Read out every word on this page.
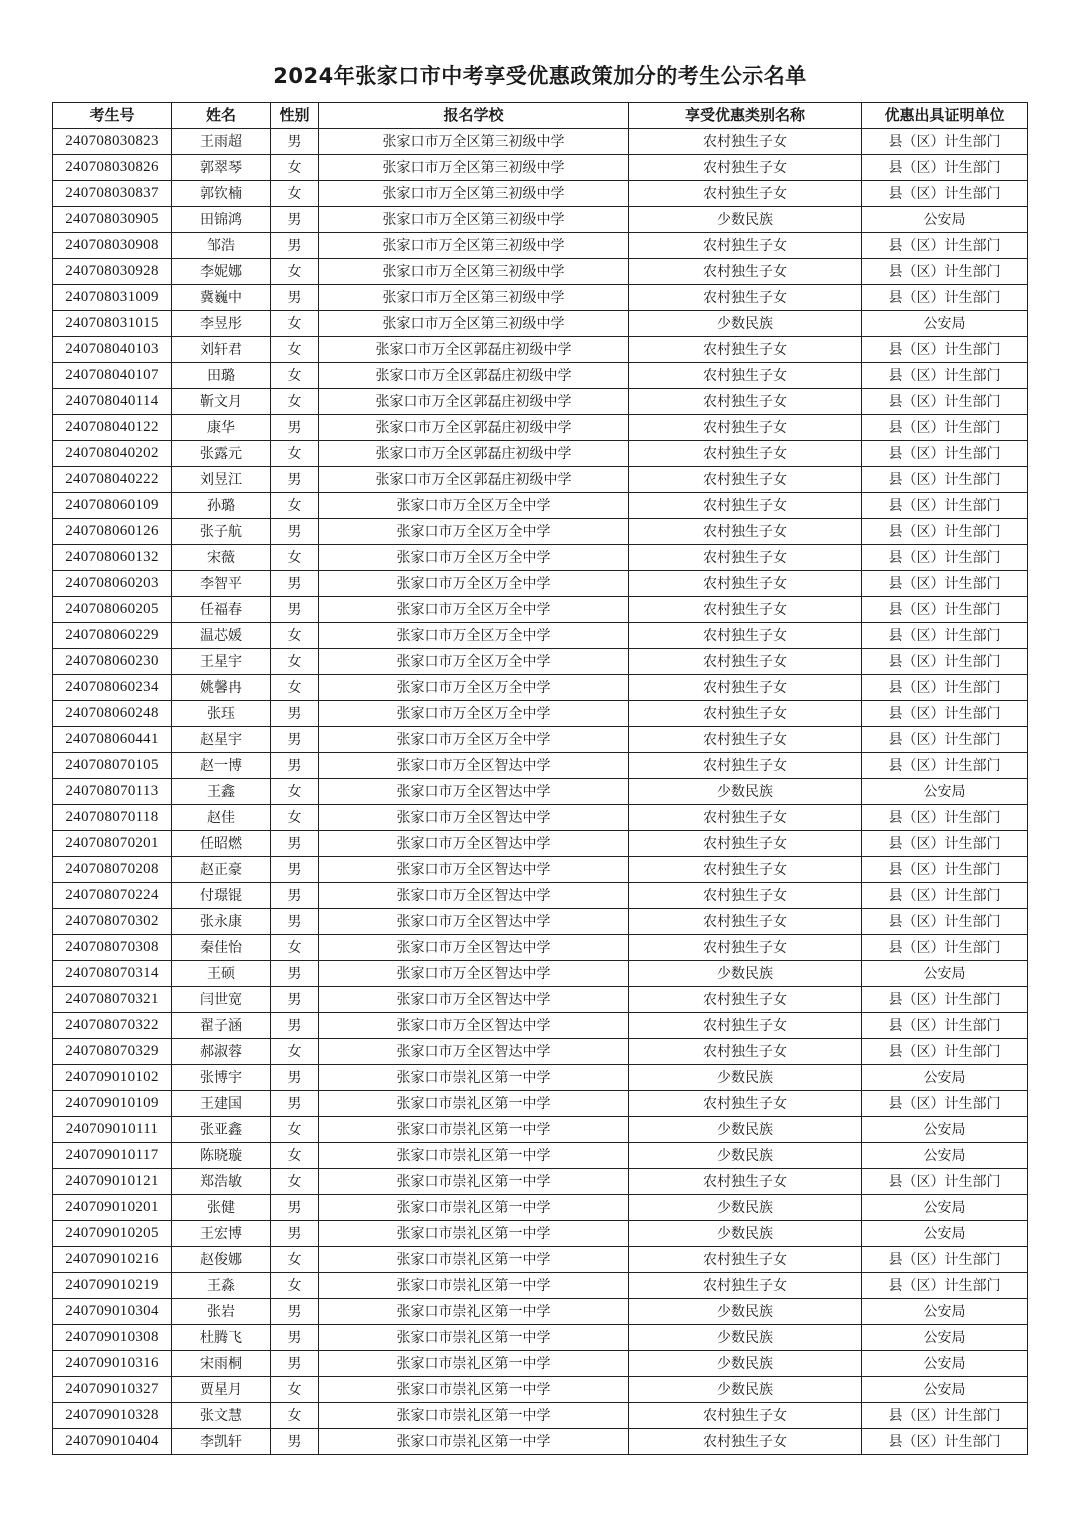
2024年张家口市中考享受优惠政策加分的考生公示名单
考生号	姓名	性别	报名学校	享受优惠类别名称	优惠出具证明单位
240708030823	王雨超	男	张家口市万全区第三初级中学	农村独生子女	县（区）计生部门
240708030826	郭翠琴	女	张家口市万全区第三初级中学	农村独生子女	县（区）计生部门
240708030837	郭钦楠	女	张家口市万全区第三初级中学	农村独生子女	县（区）计生部门
240708030905	田锦鸿	男	张家口市万全区第三初级中学	少数民族	公安局
240708030908	邹浩	男	张家口市万全区第三初级中学	农村独生子女	县（区）计生部门
240708030928	李妮娜	女	张家口市万全区第三初级中学	农村独生子女	县（区）计生部门
240708031009	冀巍中	男	张家口市万全区第三初级中学	农村独生子女	县（区）计生部门
240708031015	李昱彤	女	张家口市万全区第三初级中学	少数民族	公安局
240708040103	刘轩君	女	张家口市万全区郭磊庄初级中学	农村独生子女	县（区）计生部门
240708040107	田璐	女	张家口市万全区郭磊庄初级中学	农村独生子女	县（区）计生部门
240708040114	靳文月	女	张家口市万全区郭磊庄初级中学	农村独生子女	县（区）计生部门
240708040122	康华	男	张家口市万全区郭磊庄初级中学	农村独生子女	县（区）计生部门
240708040202	张露元	女	张家口市万全区郭磊庄初级中学	农村独生子女	县（区）计生部门
240708040222	刘昱江	男	张家口市万全区郭磊庄初级中学	农村独生子女	县（区）计生部门
240708060109	孙璐	女	张家口市万全区万全中学	农村独生子女	县（区）计生部门
240708060126	张子航	男	张家口市万全区万全中学	农村独生子女	县（区）计生部门
240708060132	宋薇	女	张家口市万全区万全中学	农村独生子女	县（区）计生部门
240708060203	李智平	男	张家口市万全区万全中学	农村独生子女	县（区）计生部门
240708060205	任福春	男	张家口市万全区万全中学	农村独生子女	县（区）计生部门
240708060229	温芯媛	女	张家口市万全区万全中学	农村独生子女	县（区）计生部门
240708060230	王星宇	女	张家口市万全区万全中学	农村独生子女	县（区）计生部门
240708060234	姚馨冉	女	张家口市万全区万全中学	农村独生子女	县（区）计生部门
240708060248	张珏	男	张家口市万全区万全中学	农村独生子女	县（区）计生部门
240708060441	赵星宇	男	张家口市万全区万全中学	农村独生子女	县（区）计生部门
240708070105	赵一博	男	张家口市万全区智达中学	农村独生子女	县（区）计生部门
240708070113	王鑫	女	张家口市万全区智达中学	少数民族	公安局
240708070118	赵佳	女	张家口市万全区智达中学	农村独生子女	县（区）计生部门
240708070201	任昭燃	男	张家口市万全区智达中学	农村独生子女	县（区）计生部门
240708070208	赵正豪	男	张家口市万全区智达中学	农村独生子女	县（区）计生部门
240708070224	付璟锟	男	张家口市万全区智达中学	农村独生子女	县（区）计生部门
240708070302	张永康	男	张家口市万全区智达中学	农村独生子女	县（区）计生部门
240708070308	秦佳怡	女	张家口市万全区智达中学	农村独生子女	县（区）计生部门
240708070314	王硕	男	张家口市万全区智达中学	少数民族	公安局
240708070321	闫世宽	男	张家口市万全区智达中学	农村独生子女	县（区）计生部门
240708070322	翟子涵	男	张家口市万全区智达中学	农村独生子女	县（区）计生部门
240708070329	郝淑蓉	女	张家口市万全区智达中学	农村独生子女	县（区）计生部门
240709010102	张博宇	男	张家口市崇礼区第一中学	少数民族	公安局
240709010109	王建国	男	张家口市崇礼区第一中学	农村独生子女	县（区）计生部门
240709010111	张亚鑫	女	张家口市崇礼区第一中学	少数民族	公安局
240709010117	陈晓璇	女	张家口市崇礼区第一中学	少数民族	公安局
240709010121	郑浩敏	女	张家口市崇礼区第一中学	农村独生子女	县（区）计生部门
240709010201	张健	男	张家口市崇礼区第一中学	少数民族	公安局
240709010205	王宏博	男	张家口市崇礼区第一中学	少数民族	公安局
240709010216	赵俊娜	女	张家口市崇礼区第一中学	农村独生子女	县（区）计生部门
240709010219	王淼	女	张家口市崇礼区第一中学	农村独生子女	县（区）计生部门
240709010304	张岩	男	张家口市崇礼区第一中学	少数民族	公安局
240709010308	杜腾飞	男	张家口市崇礼区第一中学	少数民族	公安局
240709010316	宋雨桐	男	张家口市崇礼区第一中学	少数民族	公安局
240709010327	贾星月	女	张家口市崇礼区第一中学	少数民族	公安局
240709010328	张文慧	女	张家口市崇礼区第一中学	农村独生子女	县（区）计生部门
240709010404	李凯轩	男	张家口市崇礼区第一中学	农村独生子女	县（区）计生部门
